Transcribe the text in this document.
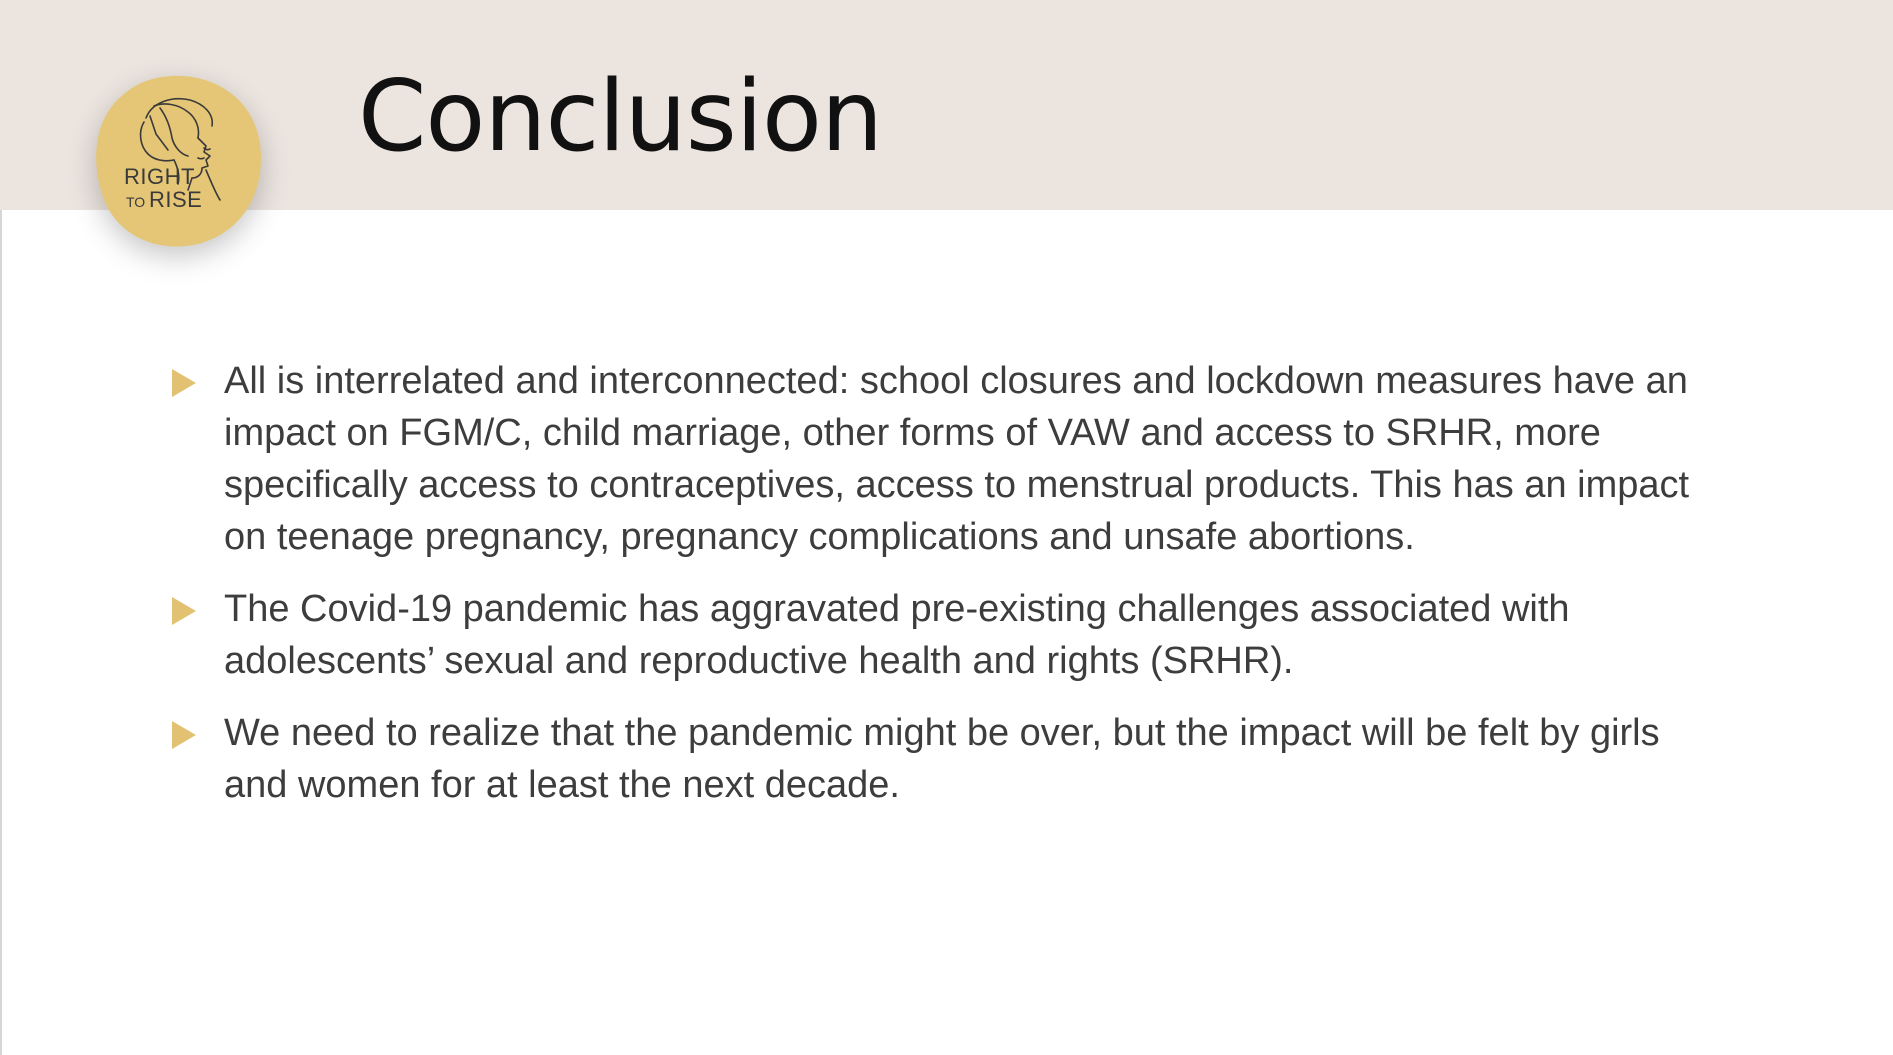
RIGHT
TO RISE
Conclusion
All is interrelated and interconnected: school closures and lockdown measures have an impact on FGM/C, child marriage, other forms of VAW and access to SRHR, more specifically access to contraceptives, access to menstrual products. This has an impact on teenage pregnancy, pregnancy complications and unsafe abortions.
The Covid-19 pandemic has aggravated pre-existing challenges associated with adolescents’ sexual and reproductive health and rights (SRHR).
We need to realize that the pandemic might be over, but the impact will be felt by girls and women for at least the next decade.
